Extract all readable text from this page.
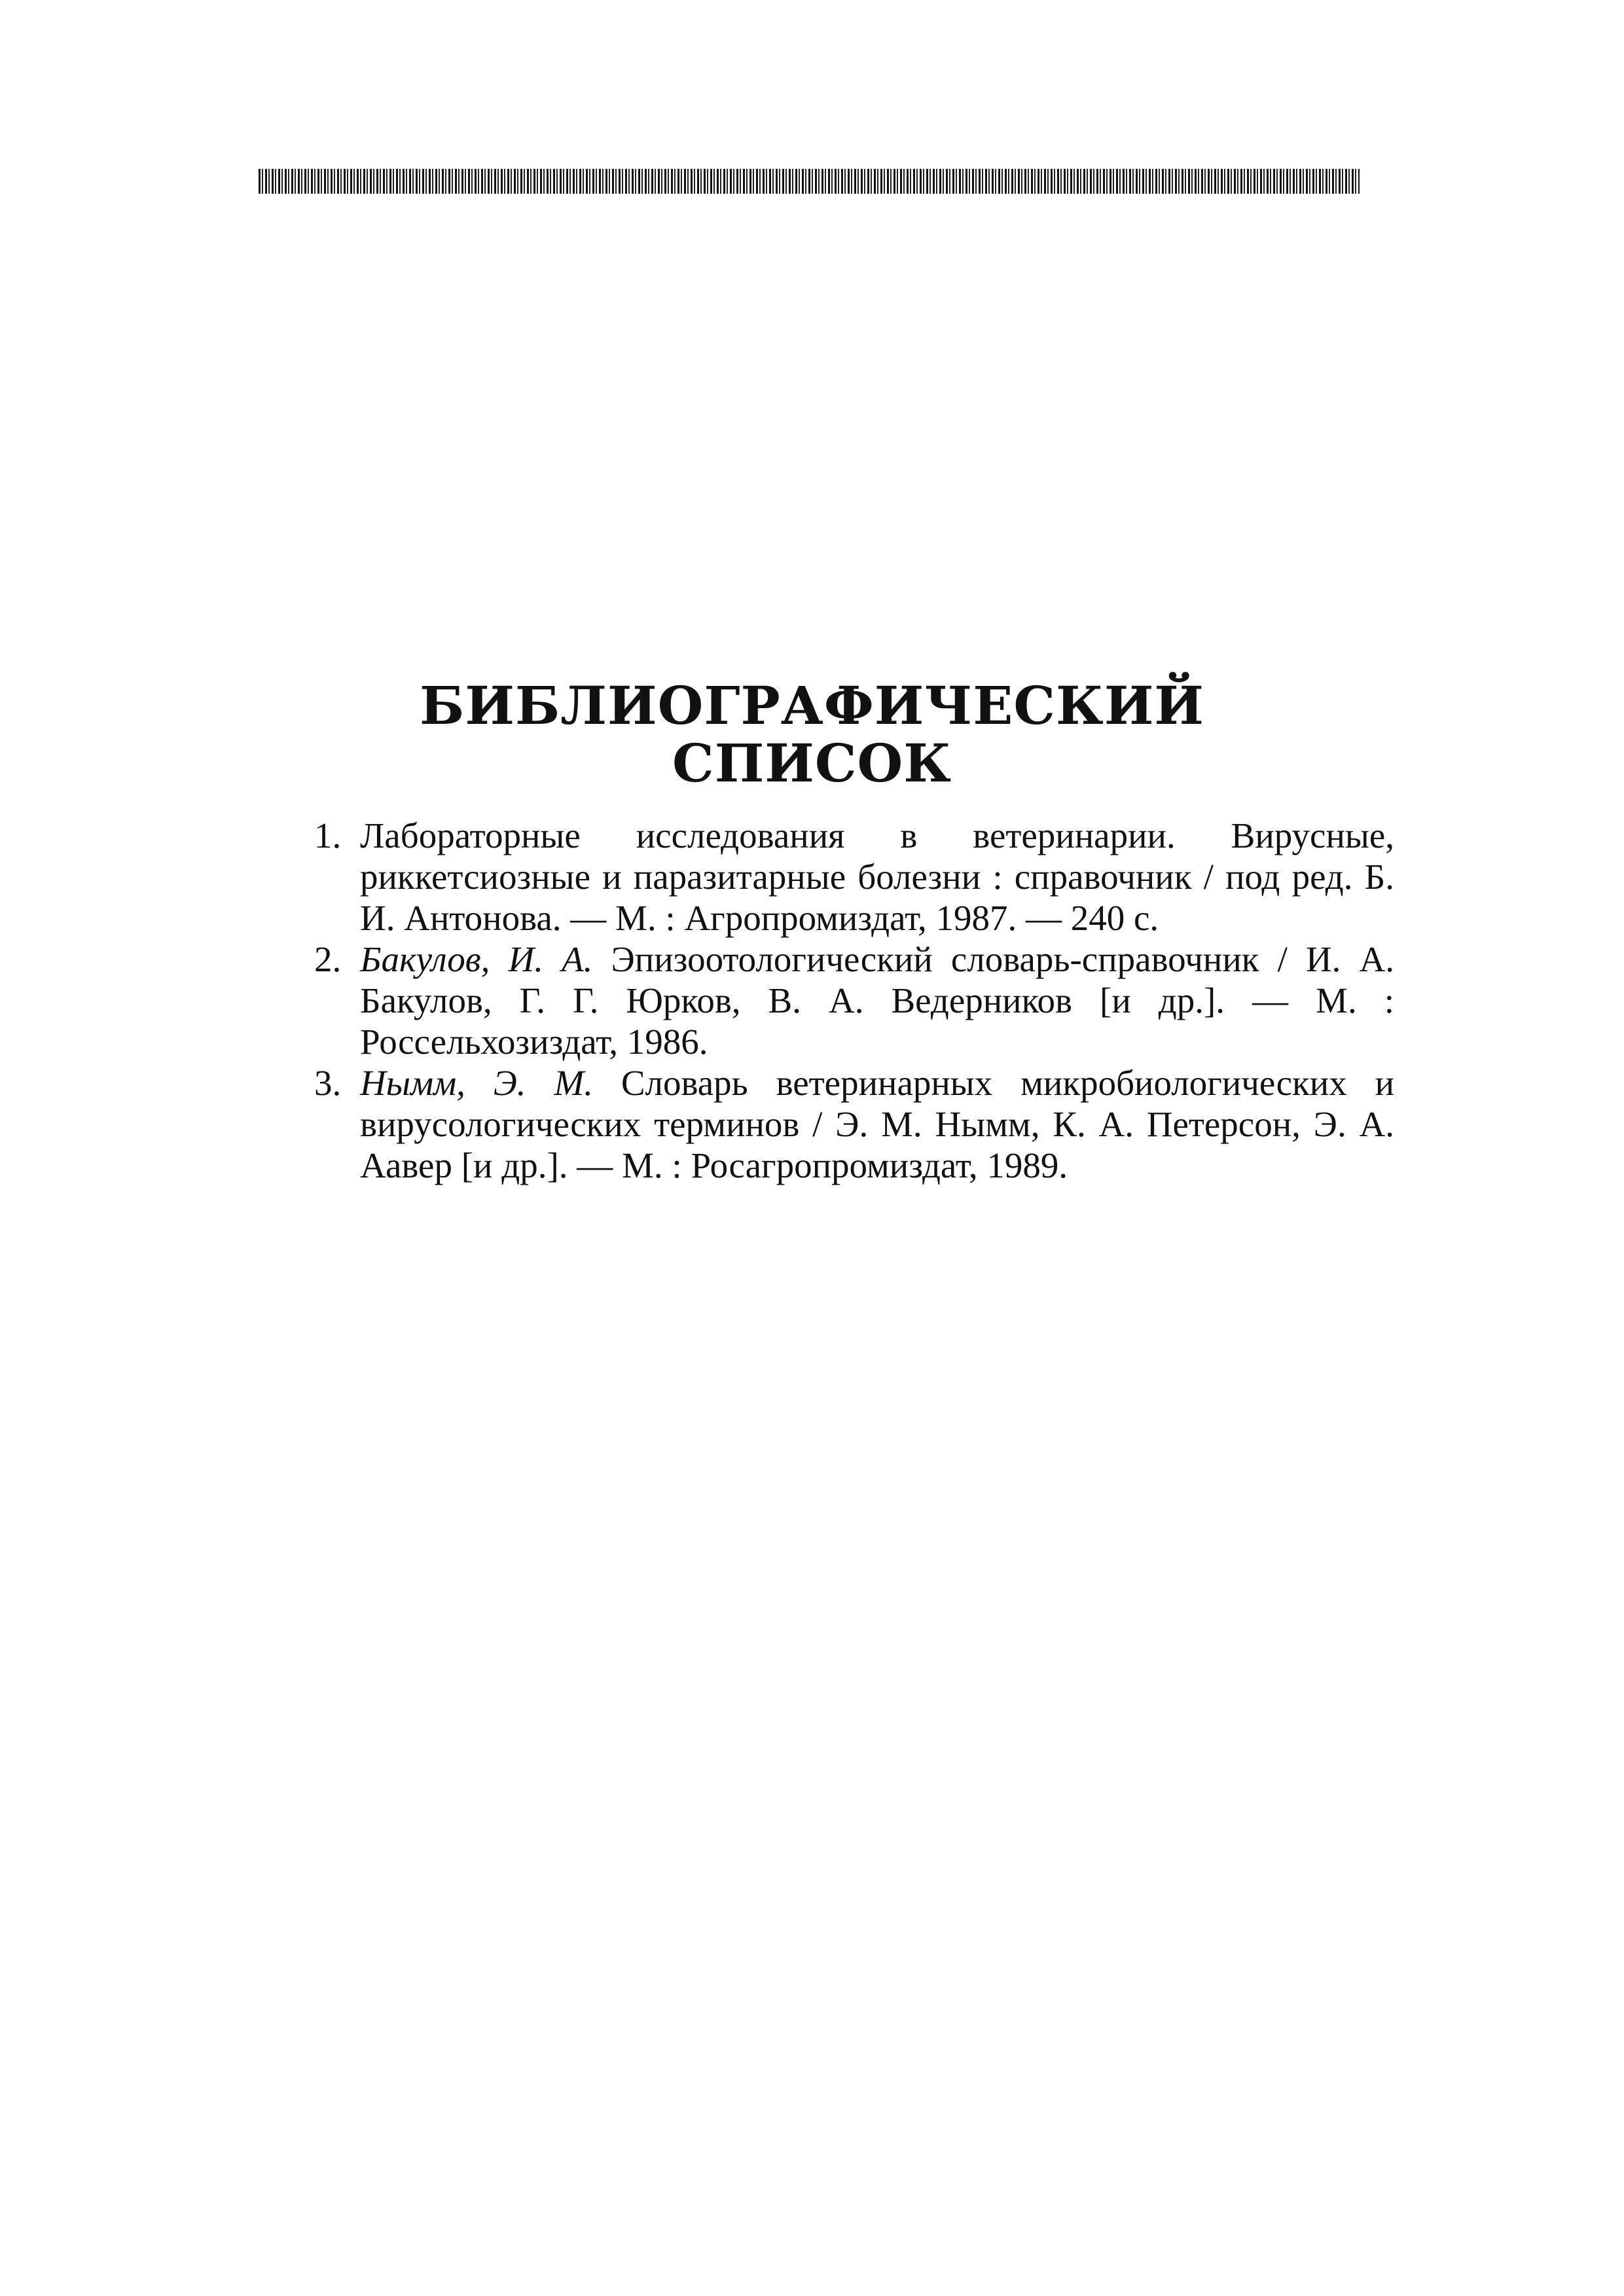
БИБЛИОГРАФИЧЕСКИЙ
СПИСОК
1. Лабораторные исследования в ветеринарии. Вирусные, риккетсиозные и паразитарные болезни : справочник / под ред. Б. И. Антонова. — М. : Агропромиздат, 1987. — 240 с.
2. Бакулов, И. А. Эпизоотологический словарь-справочник / И. А. Бакулов, Г. Г. Юрков, В. А. Ведерников [и др.]. — М. : Россельхозиздат, 1986.
3. Нымм, Э. М. Словарь ветеринарных микробиологических и вирусологических терминов / Э. М. Нымм, К. А. Петерсон, Э. А. Аавер [и др.]. — М. : Росагропромиздат, 1989.
